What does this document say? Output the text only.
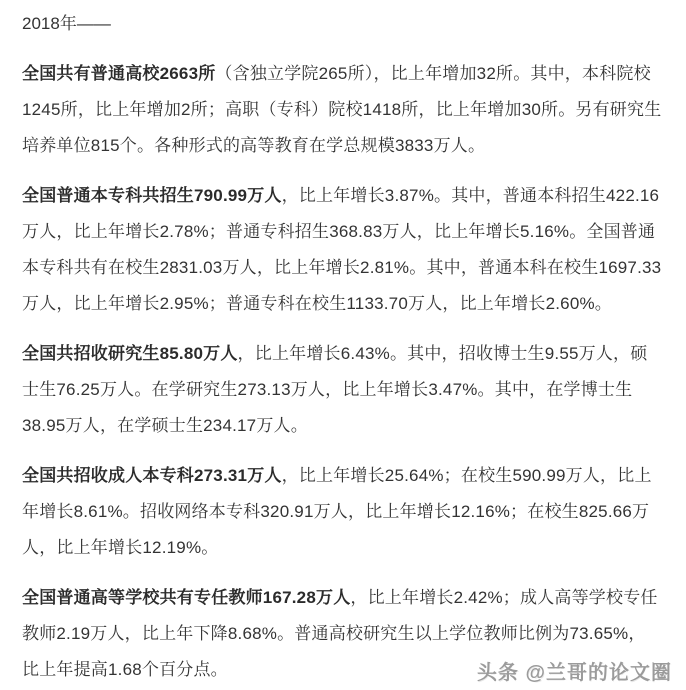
2018年——

全国共有普通高校2663所（含独立学院265所），比上年增加32所。其中，本科院校1245所，比上年增加2所；高职（专科）院校1418所，比上年增加30所。另有研究生培养单位815个。各种形式的高等教育在学总规模3833万人。

全国普通本专科共招生790.99万人，比上年增长3.87%。其中，普通本科招生422.16万人，比上年增长2.78%；普通专科招生368.83万人，比上年增长5.16%。全国普通本专科共有在校生2831.03万人，比上年增长2.81%。其中，普通本科在校生1697.33万人，比上年增长2.95%；普通专科在校生1133.70万人，比上年增长2.60%。

全国共招收研究生85.80万人，比上年增长6.43%。其中，招收博士生9.55万人，硕士生76.25万人。在学研究生273.13万人，比上年增长3.47%。其中，在学博士生38.95万人，在学硕士生234.17万人。

全国共招收成人本专科273.31万人，比上年增长25.64%；在校生590.99万人，比上年增长8.61%。招收网络本专科320.91万人，比上年增长12.16%；在校生825.66万人，比上年增长12.19%。

全国普通高等学校共有专任教师167.28万人，比上年增长2.42%；成人高等学校专任教师2.19万人，比上年下降8.68%。普通高校研究生以上学位教师比例为73.65%，比上年提高1.68个百分点。	头条 @兰哥的论文圈
